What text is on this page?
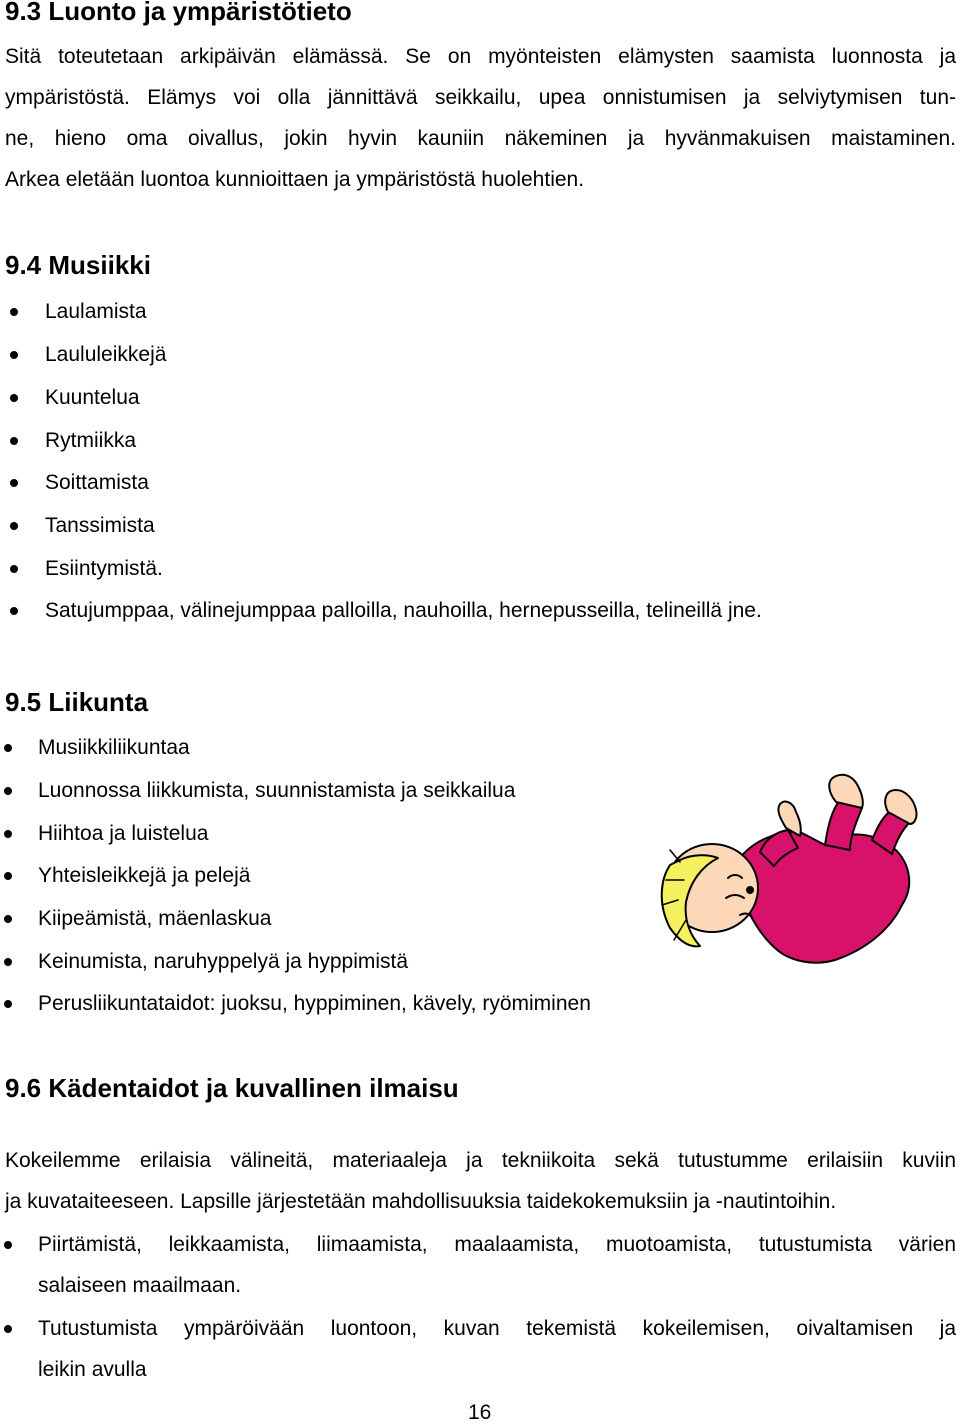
9.3 Luonto ja ympäristötieto
Sitä toteutetaan arkipäivän elämässä. Se on myönteisten elämysten saamista luonnosta ja
ympäristöstä. Elämys voi olla jännittävä seikkailu, upea onnistumisen ja selviytymisen tun-
ne, hieno oma oivallus, jokin hyvin kauniin näkeminen ja hyvänmakuisen maistaminen.
Arkea eletään luontoa kunnioittaen ja ympäristöstä huolehtien.
9.4 Musiikki
Laulamista
Laululeikkejä
Kuuntelua
Rytmiikka
Soittamista
Tanssimista
Esiintymistä.
Satujumppaa, välinejumppaa palloilla, nauhoilla, hernepusseilla, telineillä jne.
9.5 Liikunta
Musiikkiliikuntaa
Luonnossa liikkumista, suunnistamista ja seikkailua
Hiihtoa ja luistelua
Yhteisleikkejä ja pelejä
Kiipeämistä, mäenlaskua
Keinumista, naruhyppelyä ja hyppimistä
Perusliikuntataidot: juoksu, hyppiminen, kävely, ryömiminen
9.6 Kädentaidot ja kuvallinen ilmaisu
Kokeilemme erilaisia välineitä, materiaaleja ja tekniikoita sekä tutustumme erilaisiin kuviin
ja kuvataiteeseen. Lapsille järjestetään mahdollisuuksia taidekokemuksiin ja -nautintoihin.
Piirtämistä, leikkaamista, liimaamista, maalaamista, muotoamista, tutustumista värien
salaiseen maailmaan.
Tutustumista ympäröivään luontoon, kuvan tekemistä kokeilemisen, oivaltamisen ja
leikin avulla
16
